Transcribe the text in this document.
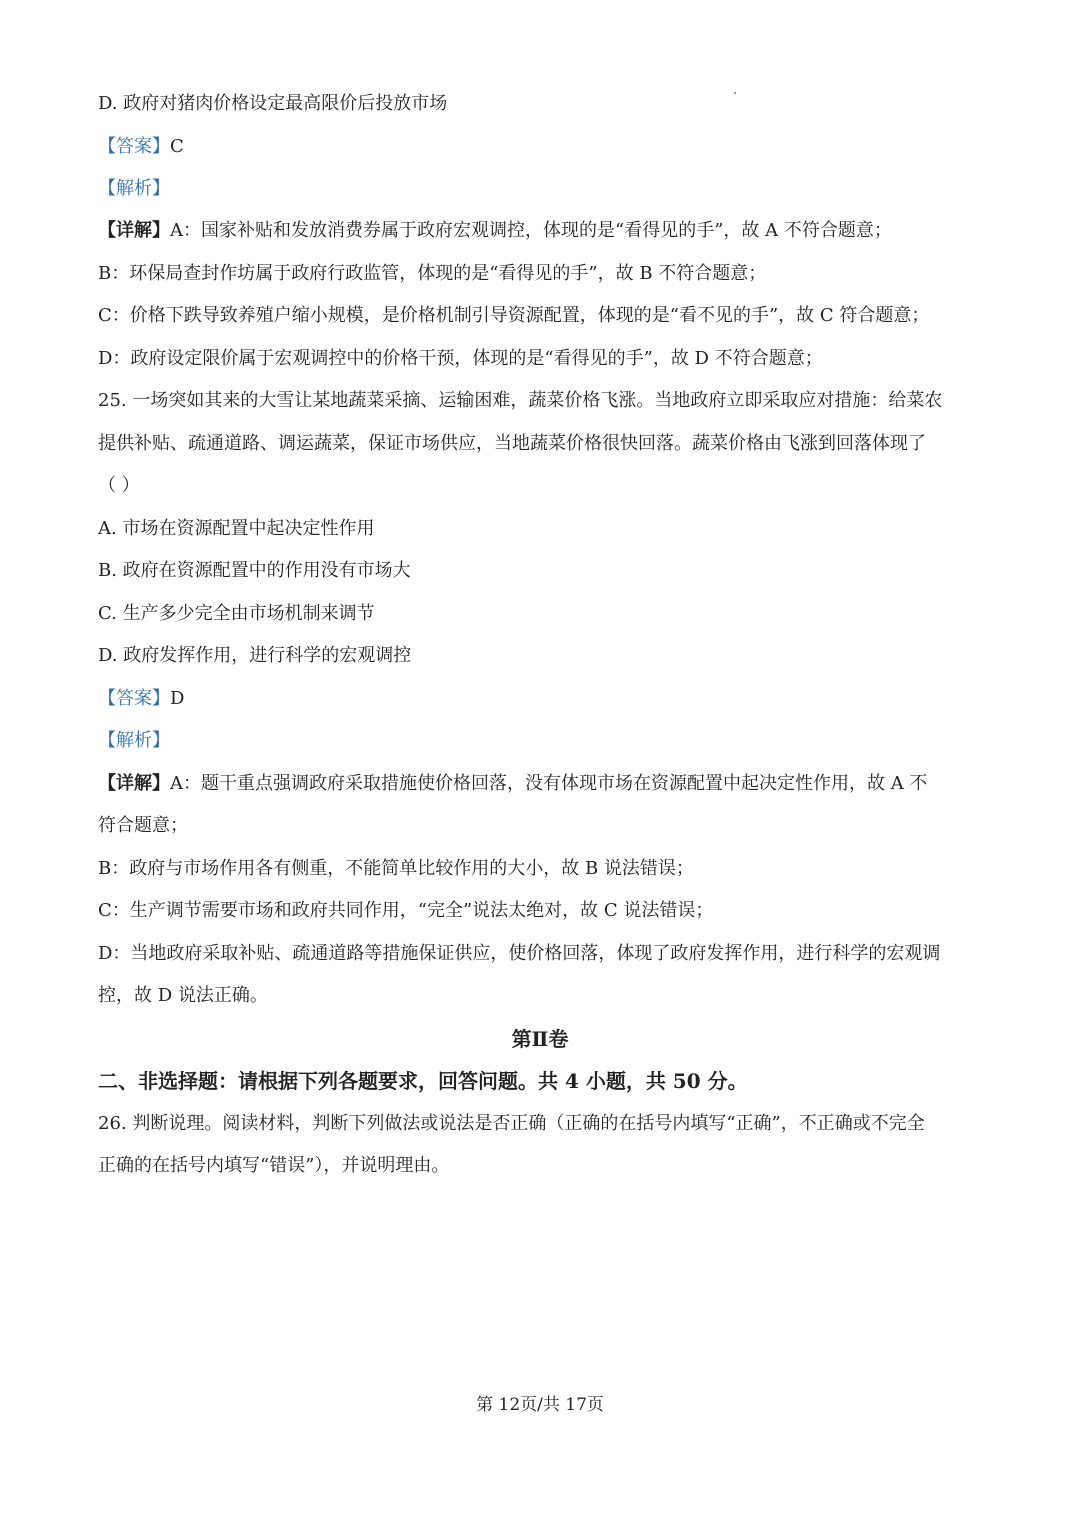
D. 政府对猪肉价格设定最高限价后投放市场
【答案】C
【解析】
【详解】A：国家补贴和发放消费券属于政府宏观调控，体现的是“看得见的手”，故 A 不符合题意；
B：环保局查封作坊属于政府行政监管，体现的是“看得见的手”，故 B 不符合题意；
C：价格下跌导致养殖户缩小规模，是价格机制引导资源配置，体现的是“看不见的手”，故 C 符合题意；
D：政府设定限价属于宏观调控中的价格干预，体现的是“看得见的手”，故 D 不符合题意；
25. 一场突如其来的大雪让某地蔬菜采摘、运输困难，蔬菜价格飞涨。当地政府立即采取应对措施：给菜农
提供补贴、疏通道路、调运蔬菜，保证市场供应，当地蔬菜价格很快回落。蔬菜价格由飞涨到回落体现了
（ ）
A. 市场在资源配置中起决定性作用
B. 政府在资源配置中的作用没有市场大
C. 生产多少完全由市场机制来调节
D. 政府发挥作用，进行科学的宏观调控
【答案】D
【解析】
【详解】A：题干重点强调政府采取措施使价格回落，没有体现市场在资源配置中起决定性作用，故 A 不
符合题意；
B：政府与市场作用各有侧重，不能简单比较作用的大小，故 B 说法错误；
C：生产调节需要市场和政府共同作用，“完全”说法太绝对，故 C 说法错误；
D：当地政府采取补贴、疏通道路等措施保证供应，使价格回落，体现了政府发挥作用，进行科学的宏观调
控，故 D 说法正确。
第Ⅱ卷
二、非选择题：请根据下列各题要求，回答问题。共 4 小题，共 50 分。
26. 判断说理。阅读材料，判断下列做法或说法是否正确（正确的在括号内填写“正确”，不正确或不完全
正确的在括号内填写“错误”），并说明理由。
第 12页/共 17页
